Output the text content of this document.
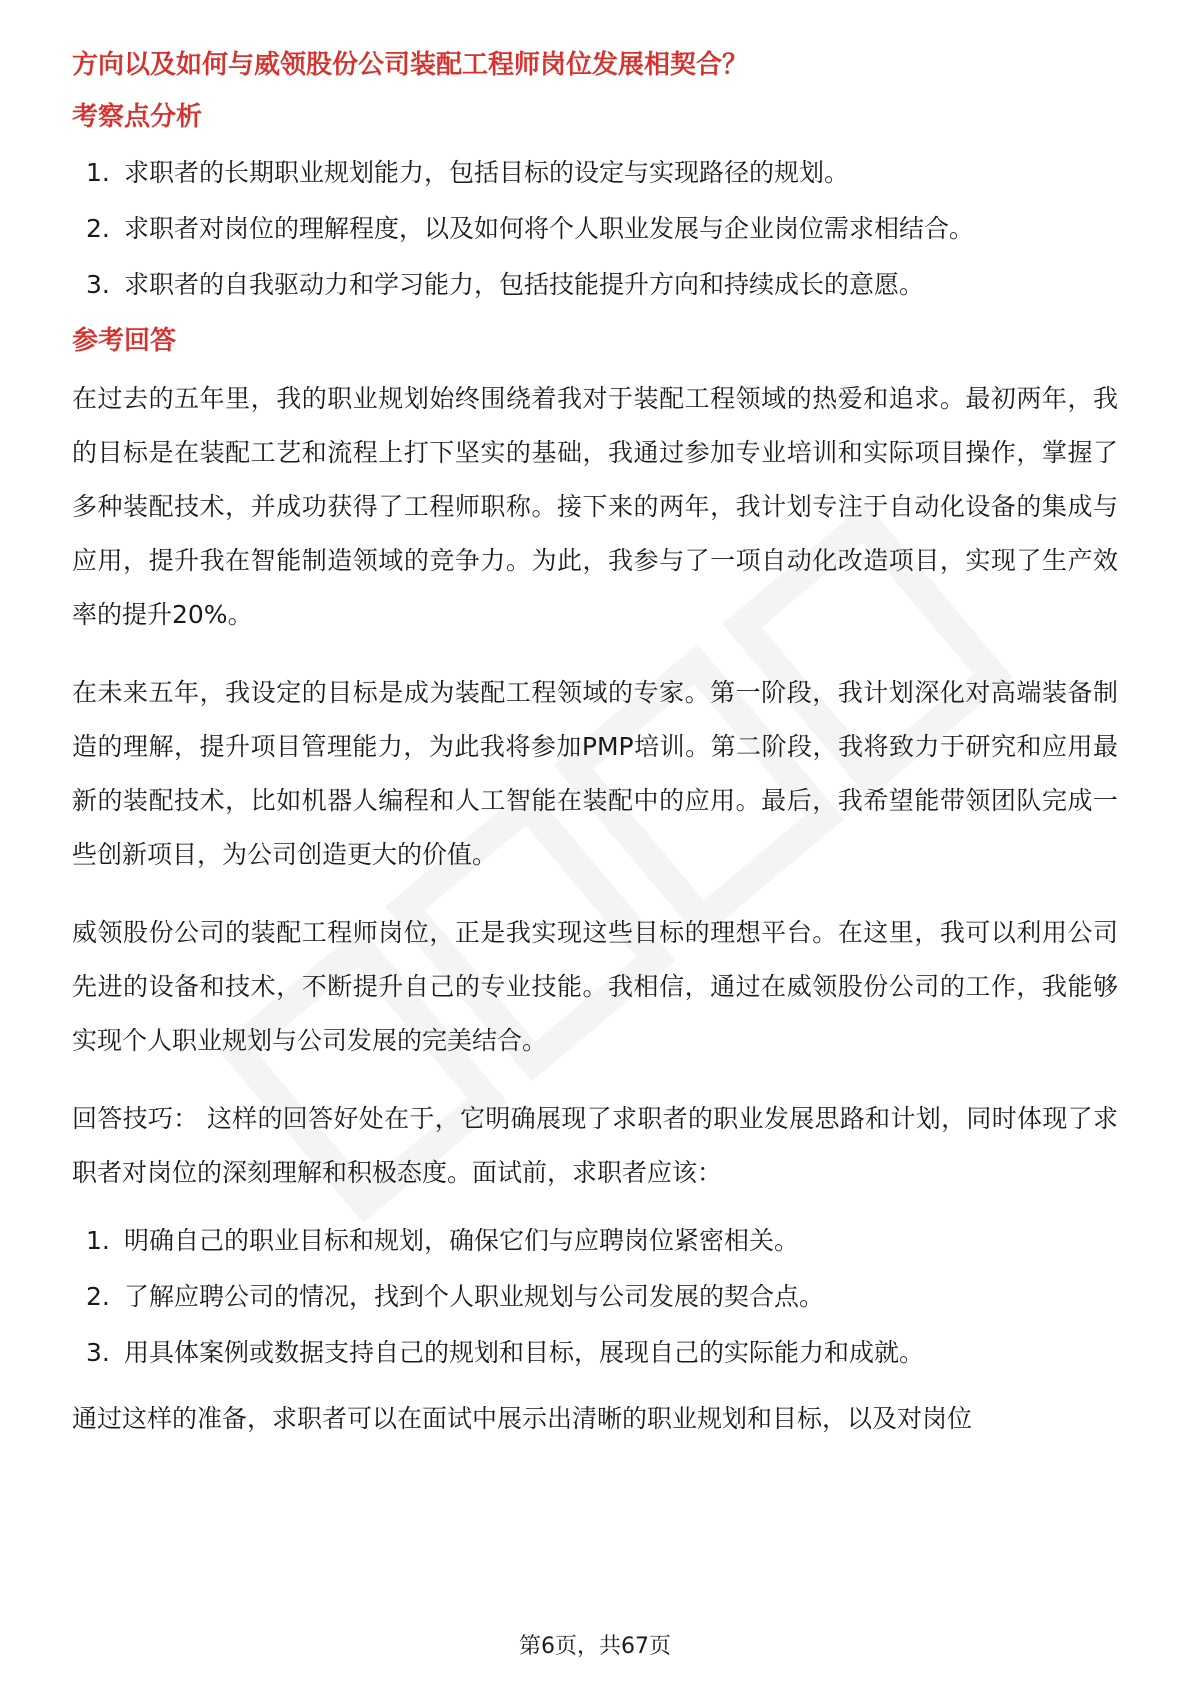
方向以及如何与威领股份公司装配工程师岗位发展相契合？
考察点分析
1. 求职者的长期职业规划能力，包括目标的设定与实现路径的规划。
2. 求职者对岗位的理解程度，以及如何将个人职业发展与企业岗位需求相结合。
3. 求职者的自我驱动力和学习能力，包括技能提升方向和持续成长的意愿。
参考回答

在过去的五年里，我的职业规划始终围绕着我对于装配工程领域的热爱和追求。最初两年，我的目标是在装配工艺和流程上打下坚实的基础，我通过参加专业培训和实际项目操作，掌握了多种装配技术，并成功获得了工程师职称。接下来的两年，我计划专注于自动化设备的集成与应用，提升我在智能制造领域的竞争力。为此，我参与了一项自动化改造项目，实现了生产效率的提升20%。

在未来五年，我设定的目标是成为装配工程领域的专家。第一阶段，我计划深化对高端装备制造的理解，提升项目管理能力，为此我将参加PMP培训。第二阶段，我将致力于研究和应用最新的装配技术，比如机器人编程和人工智能在装配中的应用。最后，我希望能带领团队完成一些创新项目，为公司创造更大的价值。

威领股份公司的装配工程师岗位，正是我实现这些目标的理想平台。在这里，我可以利用公司先进的设备和技术，不断提升自己的专业技能。我相信，通过在威领股份公司的工作，我能够实现个人职业规划与公司发展的完美结合。

回答技巧： 这样的回答好处在于，它明确展现了求职者的职业发展思路和计划，同时体现了求职者对岗位的深刻理解和积极态度。面试前，求职者应该：

1. 明确自己的职业目标和规划，确保它们与应聘岗位紧密相关。
2. 了解应聘公司的情况，找到个人职业规划与公司发展的契合点。
3. 用具体案例或数据支持自己的规划和目标，展现自己的实际能力和成就。

通过这样的准备，求职者可以在面试中展示出清晰的职业规划和目标，以及对岗位

第6页，共67页
